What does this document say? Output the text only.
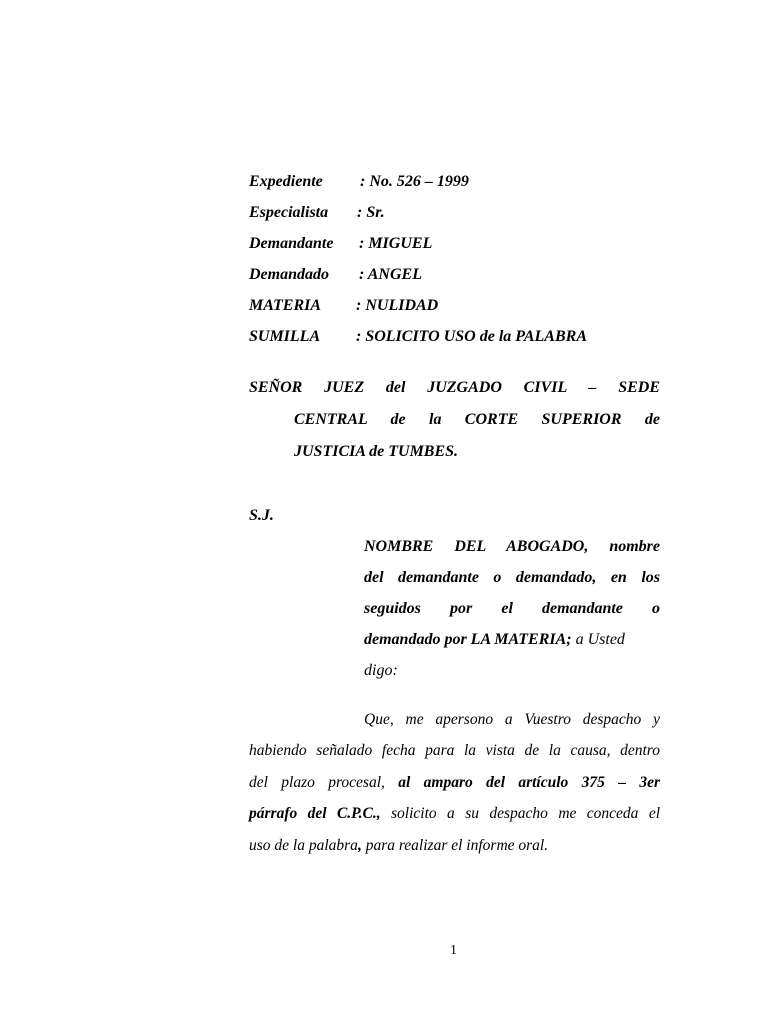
Expediente : No. 526 – 1999
Especialista : Sr.
Demandante : MIGUEL
Demandado : ANGEL
MATERIA : NULIDAD
SUMILLA : SOLICITO USO de la PALABRA
SEÑOR JUEZ del JUZGADO CIVIL – SEDE
CENTRAL de la CORTE SUPERIOR de
JUSTICIA de TUMBES.
S.J.
NOMBRE DEL ABOGADO, nombre
del demandante o demandado, en los
seguidos por el demandante o
demandado por LA MATERIA; a Usted
digo:
Que, me apersono a Vuestro despacho y
habiendo señalado fecha para la vista de la causa, dentro
del plazo procesal, al amparo del artículo 375 – 3er
párrafo del C.P.C., solicito a su despacho me conceda el
uso de la palabra, para realizar el informe oral.
1
